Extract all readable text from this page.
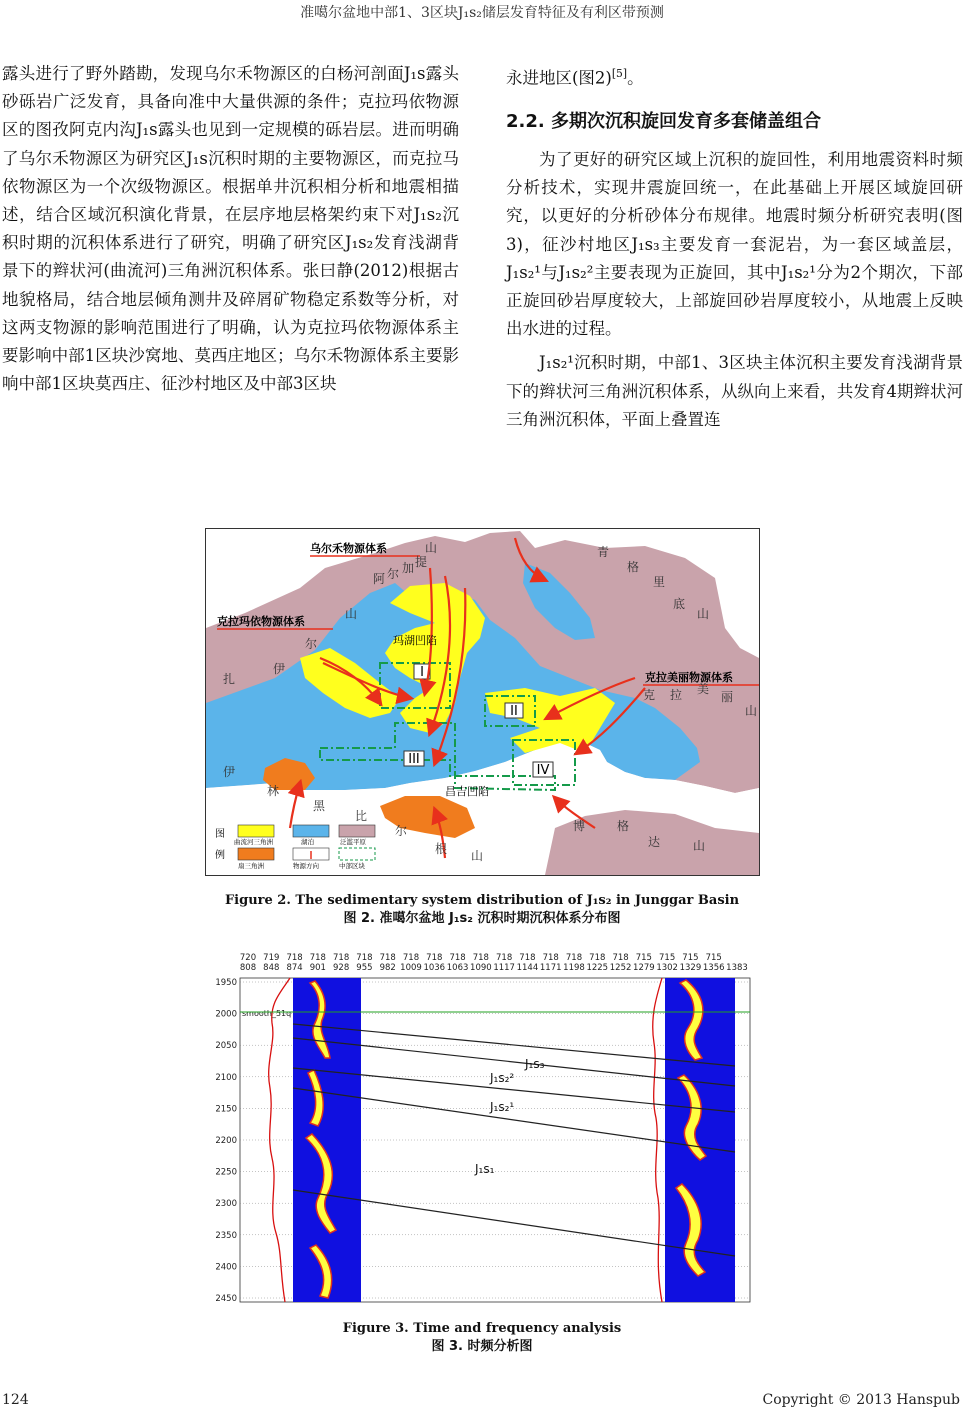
准噶尔盆地中部1、3区块J₁s₂储层发育特征及有利区带预测

露头进行了野外踏勘，发现乌尔禾物源区的白杨河剖面J₁s露头砂砾岩广泛发育，具备向准中大量供源的条件；克拉玛依物源区的图孜阿克内沟J₁s露头也见到一定规模的砾岩层。进而明确了乌尔禾物源区为研究区J₁s沉积时期的主要物源区，而克拉马依物源区为一个次级物源区。根据单井沉积相分析和地震相描述，结合区域沉积演化背景，在层序地层格架约束下对J₁s₂沉积时期的沉积体系进行了研究，明确了研究区J₁s₂发育浅湖背景下的辫状河(曲流河)三角洲沉积体系。张曰静(2012)根据古地貌格局，结合地层倾角测井及碎屑矿物稳定系数等分析，对这两支物源的影响范围进行了明确，认为克拉玛依物源体系主要影响中部1区块沙窝地、莫西庄地区；乌尔禾物源体系主要影响中部1区块莫西庄、征沙村地区及中部3区块

永进地区(图2)[5]。

2.2. 多期次沉积旋回发育多套储盖组合

为了更好的研究区域上沉积的旋回性，利用地震资料时频分析技术，实现井震旋回统一，在此基础上开展区域旋回研究，以更好的分析砂体分布规律。地震时频分析研究表明(图3)，征沙村地区J₁s₃主要发育一套泥岩，为一套区域盖层，J₁s₂¹与J₁s₂²主要表现为正旋回，其中J₁s₂¹分为2个期次，下部正旋回砂岩厚度较大，上部旋回砂岩厚度较小，从地震上反映出水进的过程。

J₁s₂¹沉积时期，中部1、3区块主体沉积主要发育浅湖背景下的辫状河三角洲沉积体系，从纵向上来看，共发育4期辫状河三角洲沉积体，平面上叠置连

I
II
III
IV
乌尔禾物源体系
克拉玛依物源体系
克拉美丽物源体系
玛湖凹陷
昌吉凹陷
阿 尔 加 提
山	青
格
里
底
山
山
尔
伊
扎
克 拉 美
丽
山
伊
林
黑
比
尔
根 山
博	格
达	山
图
例
曲流河三角洲	湖泊	泛滥平原
扇三角洲	物源方向	中部区块
Figure 2. The sedimentary system distribution of J₁s₂ in Junggar Basin
图 2. 准噶尔盆地 J₁s₂ 沉积时期沉积体系分布图
720
808
719
848
718
874
718
901
718
928
718
955
718
982
718
1009
718
1036
718
1063
718
1090
718
1117
718
1144
718
1171
718
1198
718
1225
718
1252
715
1279
715
1302
715
1329
715
1356 1383
1950
2000
2050
2100
2150
2200
2250
2300
2350
2400
2450
smooth_51q
J₁s₃
J₁s₂²
J₁s₂¹
J₁s₁
Figure 3. Time and frequency analysis
图 3. 时频分析图
124	Copyright © 2013 Hanspub
